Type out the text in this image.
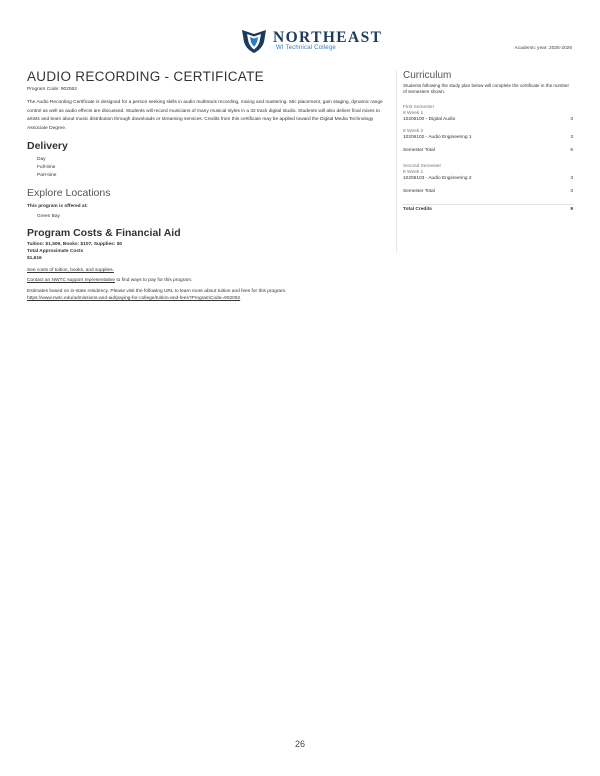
NORTHEAST
WI Technical College	Academic year: 2025-2026
AUDIO RECORDING - CERTIFICATE
Program Code: 902062
The Audio Recording Certificate is designed for a person seeking skills in audio multitrack recording, mixing and mastering. Mic placement, gain staging, dynamic range control as well as audio effects are discussed. Students will record musicians of many musical styles in a 32 track digital studio. Students will also deliver final mixes to artists and learn about music distribution through downloads or streaming services. Credits from this certificate may be applied toward the Digital Media Technology Associate Degree.
Delivery
Day
Full-time
Part-time
Explore Locations
This program is offered at:
Green Bay
Program Costs & Financial Aid
Tuition: $1,509, Books: $107, Supplies: $0
Total Approximate Costs
$1,616
See costs of tuition, books, and supplies.
Contact an NWTC support representative to find ways to pay for this program.
Estimates based on in-state residency. Please visit the following URL to learn more about tuition and fees for this program.
https://www.nwtc.edu/admissions-and-aid/paying-for-college/tuition-and-fees?ProgramCode=902062
Curriculum
Students following the study plan below will complete the certificate in the number of semesters shown.
First Semester
8 Week 1
10206100 - Digital Audio	3
8 Week 2
10206102 - Audio Engineering 1	3
Semester Total	6
Second Semester
8 Week 1
10206103 - Audio Engineering 2	3
Semester Total	3
Total Credits	9
26
